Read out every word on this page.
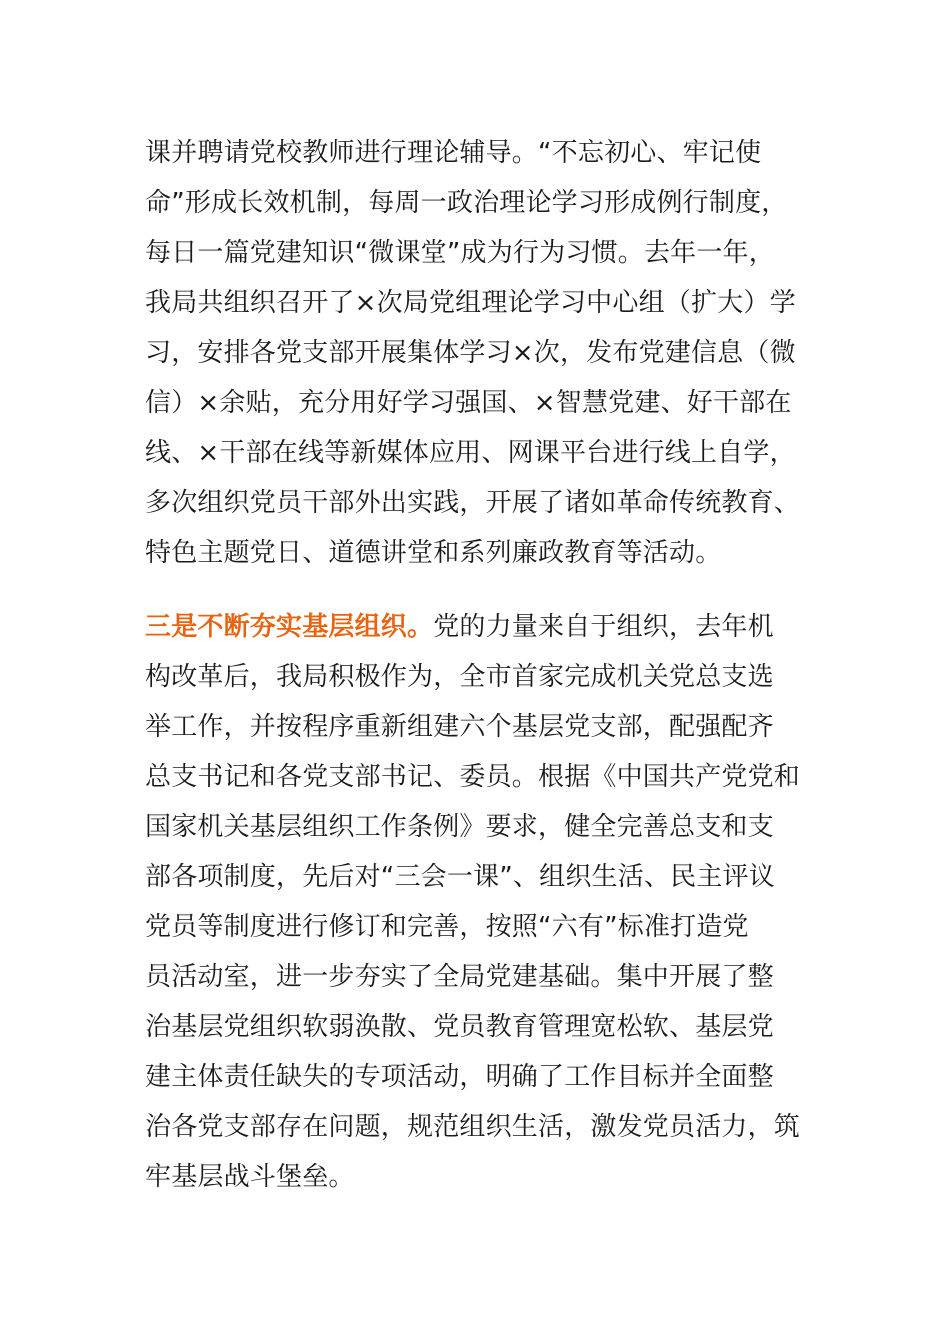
课并聘请党校教师进行理论辅导。“不忘初心、牢记使
命”形成长效机制，每周一政治理论学习形成例行制度，
每日一篇党建知识“微课堂”成为行为习惯。去年一年，
我局共组织召开了×次局党组理论学习中心组（扩大）学
习，安排各党支部开展集体学习×次，发布党建信息（微
信）×余贴，充分用好学习强国、×智慧党建、好干部在
线、×干部在线等新媒体应用、网课平台进行线上自学，
多次组织党员干部外出实践，开展了诸如革命传统教育、
特色主题党日、道德讲堂和系列廉政教育等活动。
三是不断夯实基层组织。党的力量来自于组织，去年机
构改革后，我局积极作为，全市首家完成机关党总支选
举工作，并按程序重新组建六个基层党支部，配强配齐
总支书记和各党支部书记、委员。根据《中国共产党党和
国家机关基层组织工作条例》要求，健全完善总支和支
部各项制度，先后对“三会一课”、组织生活、民主评议
党员等制度进行修订和完善，按照“六有”标准打造党
员活动室，进一步夯实了全局党建基础。集中开展了整
治基层党组织软弱涣散、党员教育管理宽松软、基层党
建主体责任缺失的专项活动，明确了工作目标并全面整
治各党支部存在问题，规范组织生活，激发党员活力，筑
牢基层战斗堡垒。
